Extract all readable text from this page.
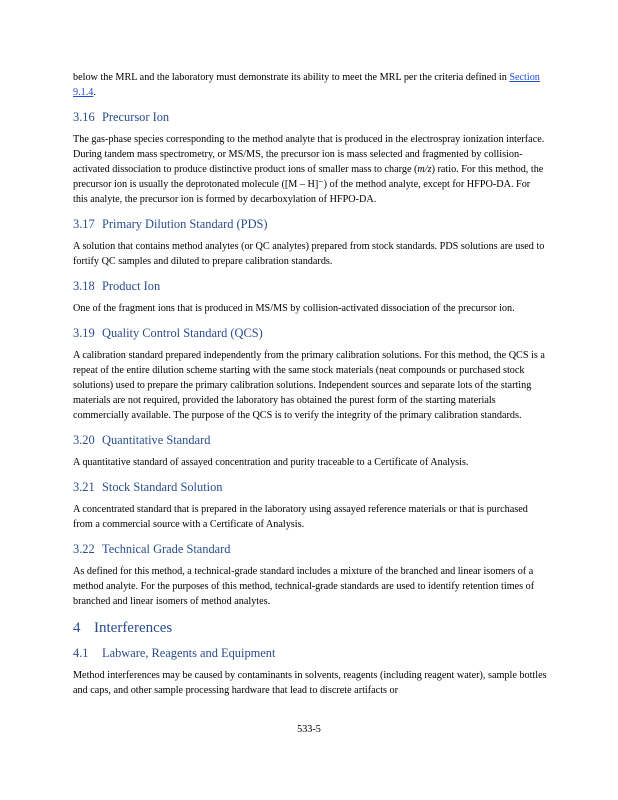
below the MRL and the laboratory must demonstrate its ability to meet the MRL per the criteria defined in Section 9.1.4.

3.16 Precursor Ion

The gas-phase species corresponding to the method analyte that is produced in the electrospray ionization interface. During tandem mass spectrometry, or MS/MS, the precursor ion is mass selected and fragmented by collision-activated dissociation to produce distinctive product ions of smaller mass to charge (m/z) ratio. For this method, the precursor ion is usually the deprotonated molecule ([M – H]⁻) of the method analyte, except for HFPO-DA. For this analyte, the precursor ion is formed by decarboxylation of HFPO-DA.

3.17 Primary Dilution Standard (PDS)

A solution that contains method analytes (or QC analytes) prepared from stock standards. PDS solutions are used to fortify QC samples and diluted to prepare calibration standards.

3.18 Product Ion

One of the fragment ions that is produced in MS/MS by collision-activated dissociation of the precursor ion.

3.19 Quality Control Standard (QCS)

A calibration standard prepared independently from the primary calibration solutions. For this method, the QCS is a repeat of the entire dilution scheme starting with the same stock materials (neat compounds or purchased stock solutions) used to prepare the primary calibration solutions. Independent sources and separate lots of the starting materials are not required, provided the laboratory has obtained the purest form of the starting materials commercially available. The purpose of the QCS is to verify the integrity of the primary calibration standards.

3.20 Quantitative Standard

A quantitative standard of assayed concentration and purity traceable to a Certificate of Analysis.

3.21 Stock Standard Solution

A concentrated standard that is prepared in the laboratory using assayed reference materials or that is purchased from a commercial source with a Certificate of Analysis.

3.22 Technical Grade Standard

As defined for this method, a technical-grade standard includes a mixture of the branched and linear isomers of a method analyte. For the purposes of this method, technical-grade standards are used to identify retention times of branched and linear isomers of method analytes.

4 Interferences
4.1	Labware, Reagents and Equipment

Method interferences may be caused by contaminants in solvents, reagents (including reagent water), sample bottles and caps, and other sample processing hardware that lead to discrete artifacts or

533-5
